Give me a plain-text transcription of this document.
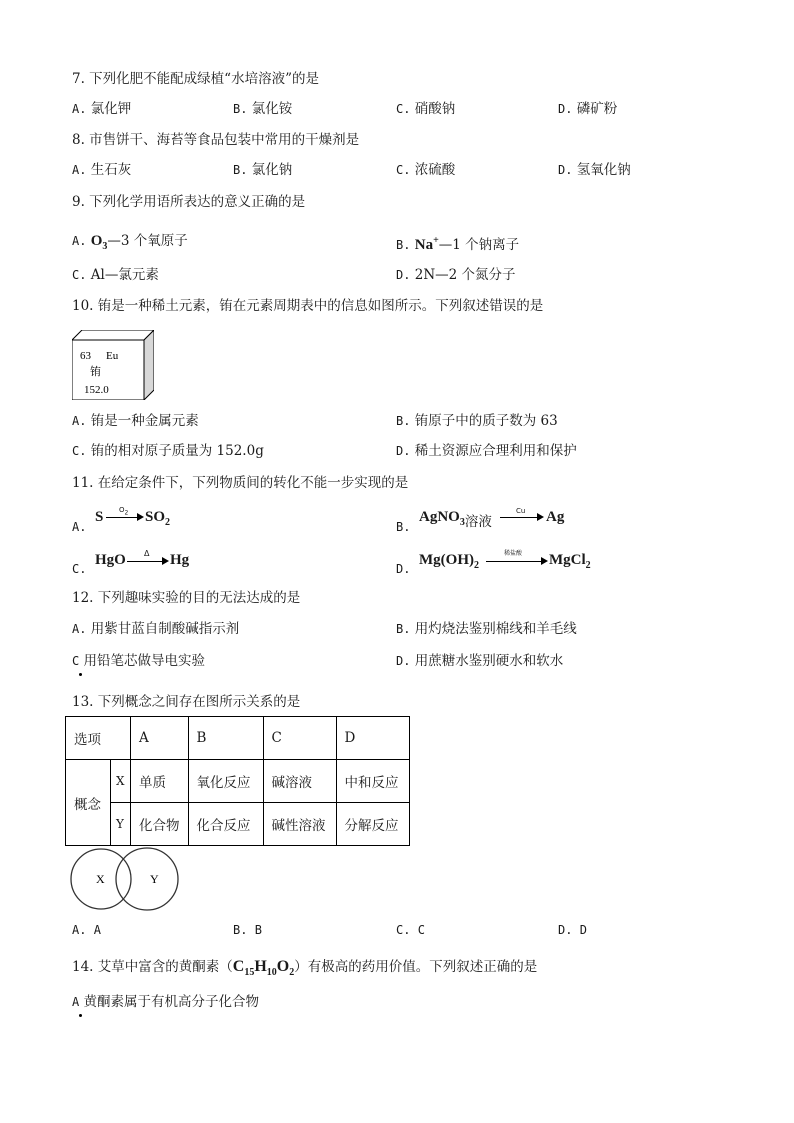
7. 下列化肥不能配成绿植“水培溶液”的是
A. 氯化钾	B. 氯化铵	C. 硝酸钠	D. 磷矿粉
8. 市售饼干、海苔等食品包装中常用的干燥剂是
A. 生石灰	B. 氯化钠	C. 浓硫酸	D. 氢氧化钠
9. 下列化学用语所表达的意义正确的是
A. $O_3—3$ 个氧原子	B. Na+—1 个钠离子
C. Al—氯元素	D. 2N—2 个氮分子
10. 铕是一种稀土元素，铕在元素周期表中的信息如图所示。下列叙述错误的是
63 Eu
铕
152.0
A. 铕是一种金属元素	B. 铕原子中的质子数为 63
C. 铕的相对原子质量为 152.0g	D. 稀土资源应合理利用和保护
11. 在给定条件下，下列物质间的转化不能一步实现的是
A.
S $O_2$ $SO_2$	B.
AgNO$_3$溶液
Cu Ag
C.
HgO Δ Hg
D.
$Mg(OH)_2$
稀盐酸 MgCl$_2$
12. 下列趣味实验的目的无法达成的是
A. 用紫甘蓝自制酸碱指示剂	B. 用灼烧法鉴别棉线和羊毛线
C 用铅笔芯做导电实验	D. 用蔗糖水鉴别硬水和软水
13. 下列概念之间存在图所示关系的是
选项		A	B	C	D
概念	X	单质	氧化反应	碱溶液	中和反应
	Y	化合物	化合反应	碱性溶液	分解反应
X	Y
A. A	B. B	C. C	D. D
14. 艾草中富含的黄酮素$(C_{15}H_{10}O_2)$有极高的药用价值。下列叙述正确的是
A 黄酮素属于有机高分子化合物
